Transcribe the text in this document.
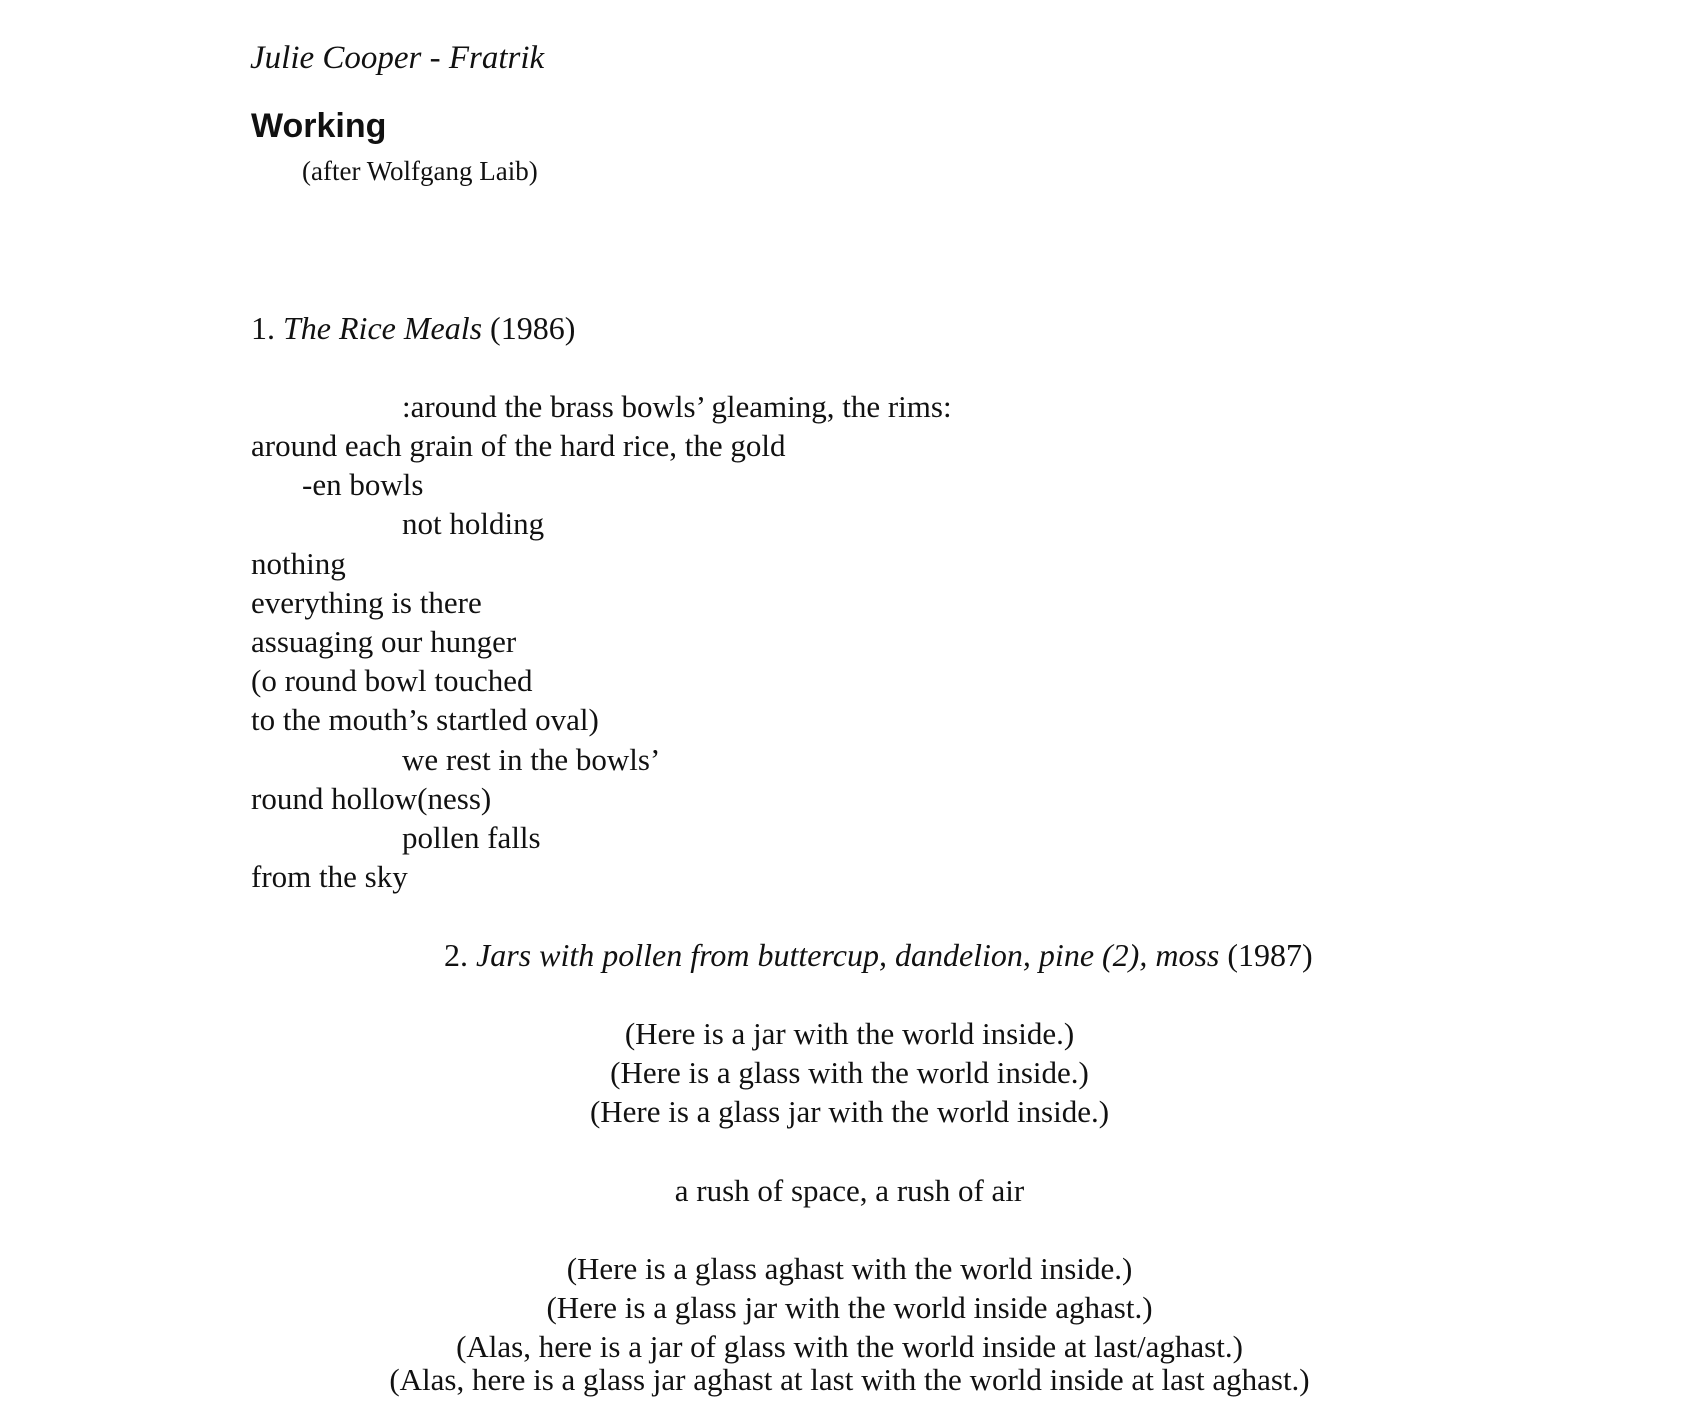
Julie Cooper - Fratrik
Working
(after Wolfgang Laib)
1. The Rice Meals (1986)
:around the brass bowls’ gleaming, the rims:
around each grain of the hard rice, the gold
-en bowls
not holding
nothing
everything is there
assuaging our hunger
(o round bowl touched
to the mouth’s startled oval)
we rest in the bowls’
round hollow(ness)
pollen falls
from the sky
2. Jars with pollen from buttercup, dandelion, pine (2), moss (1987)
(Here is a jar with the world inside.)
(Here is a glass with the world inside.)
(Here is a glass jar with the world inside.)
a rush of space, a rush of air
(Here is a glass aghast with the world inside.)
(Here is a glass jar with the world inside aghast.)
(Alas, here is a jar of glass with the world inside at last/aghast.)
(Alas, here is a glass jar aghast at last with the world inside at last aghast.)
